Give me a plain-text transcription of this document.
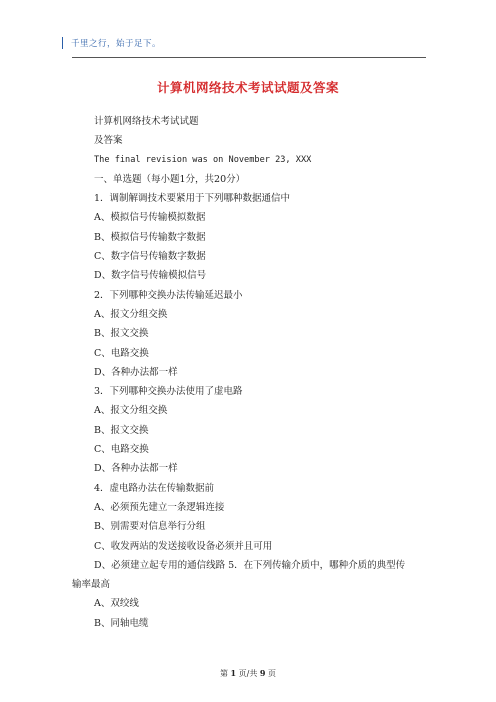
千里之行，始于足下。
计算机网络技术考试试题及答案
计算机网络技术考试试题
及答案
The final revision was on November 23, XXX
一、单选题（每小题1分，共20分）
1．调制解调技术要紧用于下列哪种数据通信中
A、模拟信号传输模拟数据
B、模拟信号传输数字数据
C、数字信号传输数字数据
D、数字信号传输模拟信号
2．下列哪种交换办法传输延迟最小
A、报文分组交换
B、报文交换
C、电路交换
D、各种办法都一样
3．下列哪种交换办法使用了虚电路
A、报文分组交换
B、报文交换
C、电路交换
D、各种办法都一样
4．虚电路办法在传输数据前
A、必须预先建立一条逻辑连接
B、别需要对信息举行分组
C、收发两站的发送接收设备必须并且可用
D、必须建立起专用的通信线路 5．在下列传输介质中，哪种介质的典型传
输率最高
A、双绞线
B、同轴电缆
第 1 页/共 9 页
